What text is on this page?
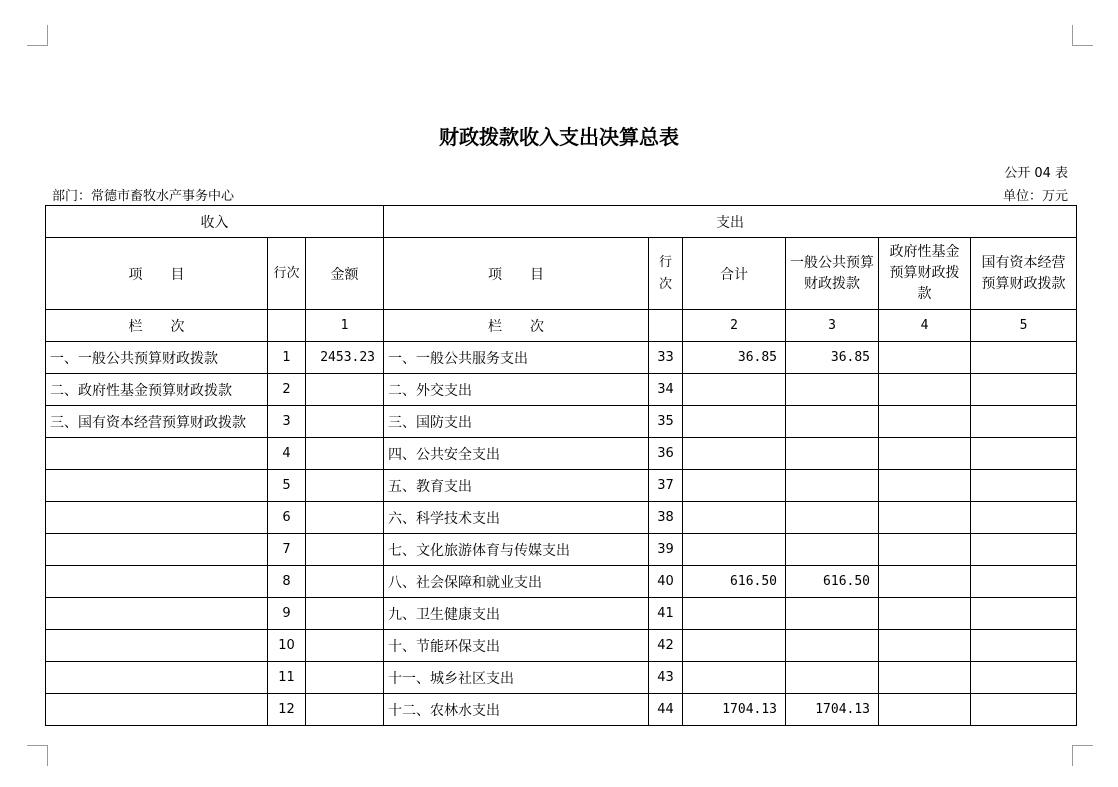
财政拨款收入支出决算总表
公开 04 表
部门：常德市畜牧水产事务中心	单位：万元
收入			支出					
项　　目	行次	金额	项　　目	行次	合计	一般公共预算财政拨款	政府性基金预算财政拨款	国有资本经营预算财政拨款
栏　　次		1	栏　　次		2	3	4	5
一、一般公共预算财政拨款	1	2453.23	一、一般公共服务支出	33	36.85	36.85		
二、政府性基金预算财政拨款	2		二、外交支出	34				
三、国有资本经营预算财政拨款	3		三、国防支出	35				
	4		四、公共安全支出	36				
	5		五、教育支出	37				
	6		六、科学技术支出	38				
	7		七、文化旅游体育与传媒支出	39				
	8		八、社会保障和就业支出	40	616.50	616.50		
	9		九、卫生健康支出	41				
	10		十、节能环保支出	42				
	11		十一、城乡社区支出	43				
	12		十二、农林水支出	44	1704.13	1704.13		
